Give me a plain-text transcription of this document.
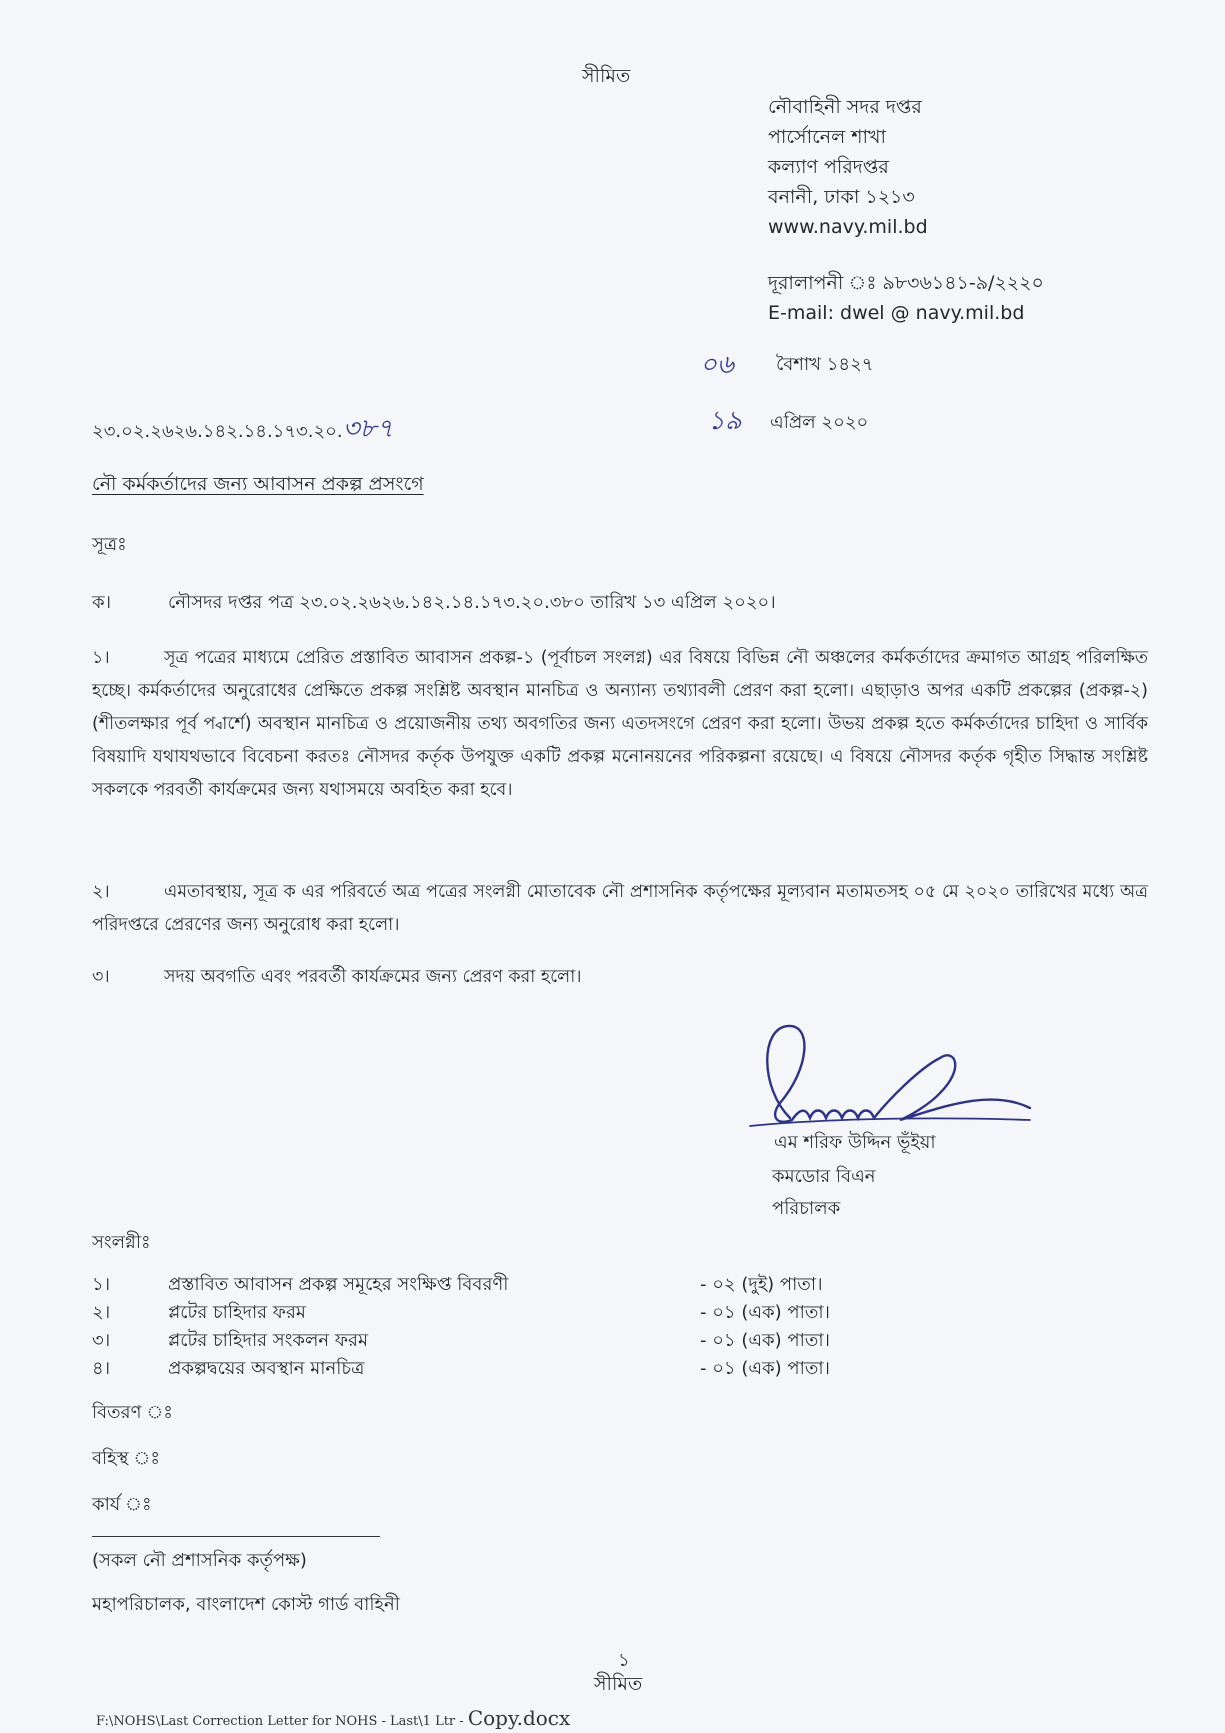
সীমিত
নৌবাহিনী সদর দপ্তর
পার্সোনেল শাখা
কল্যাণ পরিদপ্তর
বনানী, ঢাকা ১২১৩
www.navy.mil.bd
দূরালাপনী ঃ ৯৮৩৬১৪১-৯/২২২০
E-mail: dwel @ navy.mil.bd
০৬ বৈশাখ ১৪২৭
১৯ এপ্রিল ২০২০
২৩.০২.২৬২৬.১৪২.১৪.১৭৩.২০.৩৮৭
নৌ কর্মকর্তাদের জন্য আবাসন প্রকল্প প্রসংগে
সূত্রঃ
ক।	নৌসদর দপ্তর পত্র ২৩.০২.২৬২৬.১৪২.১৪.১৭৩.২০.৩৮০ তারিখ ১৩ এপ্রিল ২০২০।
১।	সূত্র পত্রের মাধ্যমে প্রেরিত প্রস্তাবিত আবাসন প্রকল্প-১ (পূর্বাচল সংলগ্ন) এর বিষয়ে বিভিন্ন নৌ অঞ্চলের কর্মকর্তাদের ক্রমাগত আগ্রহ পরিলক্ষিত হচ্ছে। কর্মকর্তাদের অনুরোধের প্রেক্ষিতে প্রকল্প সংশ্লিষ্ট অবস্থান মানচিত্র ও অন্যান্য তথ্যাবলী প্রেরণ করা হলো। এছাড়াও অপর একটি প্রকল্পের (প্রকল্প-২) (শীতলক্ষার পূর্ব প্বার্শে) অবস্থান মানচিত্র ও প্রয়োজনীয় তথ্য অবগতির জন্য এতদসংগে প্রেরণ করা হলো। উভয় প্রকল্প হতে কর্মকর্তাদের চাহিদা ও সার্বিক বিষয়াদি যথাযথভাবে বিবেচনা করতঃ নৌসদর কর্তৃক উপযুক্ত একটি প্রকল্প মনোনয়নের পরিকল্পনা রয়েছে। এ বিষয়ে নৌসদর কর্তৃক গৃহীত সিদ্ধান্ত সংশ্লিষ্ট সকলকে পরবর্তী কার্যক্রমের জন্য যথাসময়ে অবহিত করা হবে।
২।	এমতাবস্থায়, সূত্র ক এর পরিবর্তে অত্র পত্রের সংলগ্নী মোতাবেক নৌ প্রশাসনিক কর্তৃপক্ষের মূল্যবান মতামতসহ ০৫ মে ২০২০ তারিখের মধ্যে অত্র পরিদপ্তরে প্রেরণের জন্য অনুরোধ করা হলো।
৩।	সদয় অবগতি এবং পরবর্তী কার্যক্রমের জন্য প্রেরণ করা হলো।
এম শরিফ উদ্দিন ভূঁইয়া
কমডোর বিএন
পরিচালক
সংলগ্নীঃ
১।	প্রস্তাবিত আবাসন প্রকল্প সমূহের সংক্ষিপ্ত বিবরণী	- ০২ (দুই) পাতা।
২।	প্লটের চাহিদার ফরম	- ০১ (এক) পাতা।
৩।	প্লটের চাহিদার সংকলন ফরম	- ০১ (এক) পাতা।
৪।	প্রকল্পদ্বয়ের অবস্থান মানচিত্র	- ০১ (এক) পাতা।
বিতরণ ঃ
বহিস্থ ঃ
কার্য ঃ
(সকল নৌ প্রশাসনিক কর্তৃপক্ষ)
মহাপরিচালক, বাংলাদেশ কোস্ট গার্ড বাহিনী
১
সীমিত
F:\NOHS\Last Correction Letter for NOHS - Last\1 Ltr - Copy.docx
